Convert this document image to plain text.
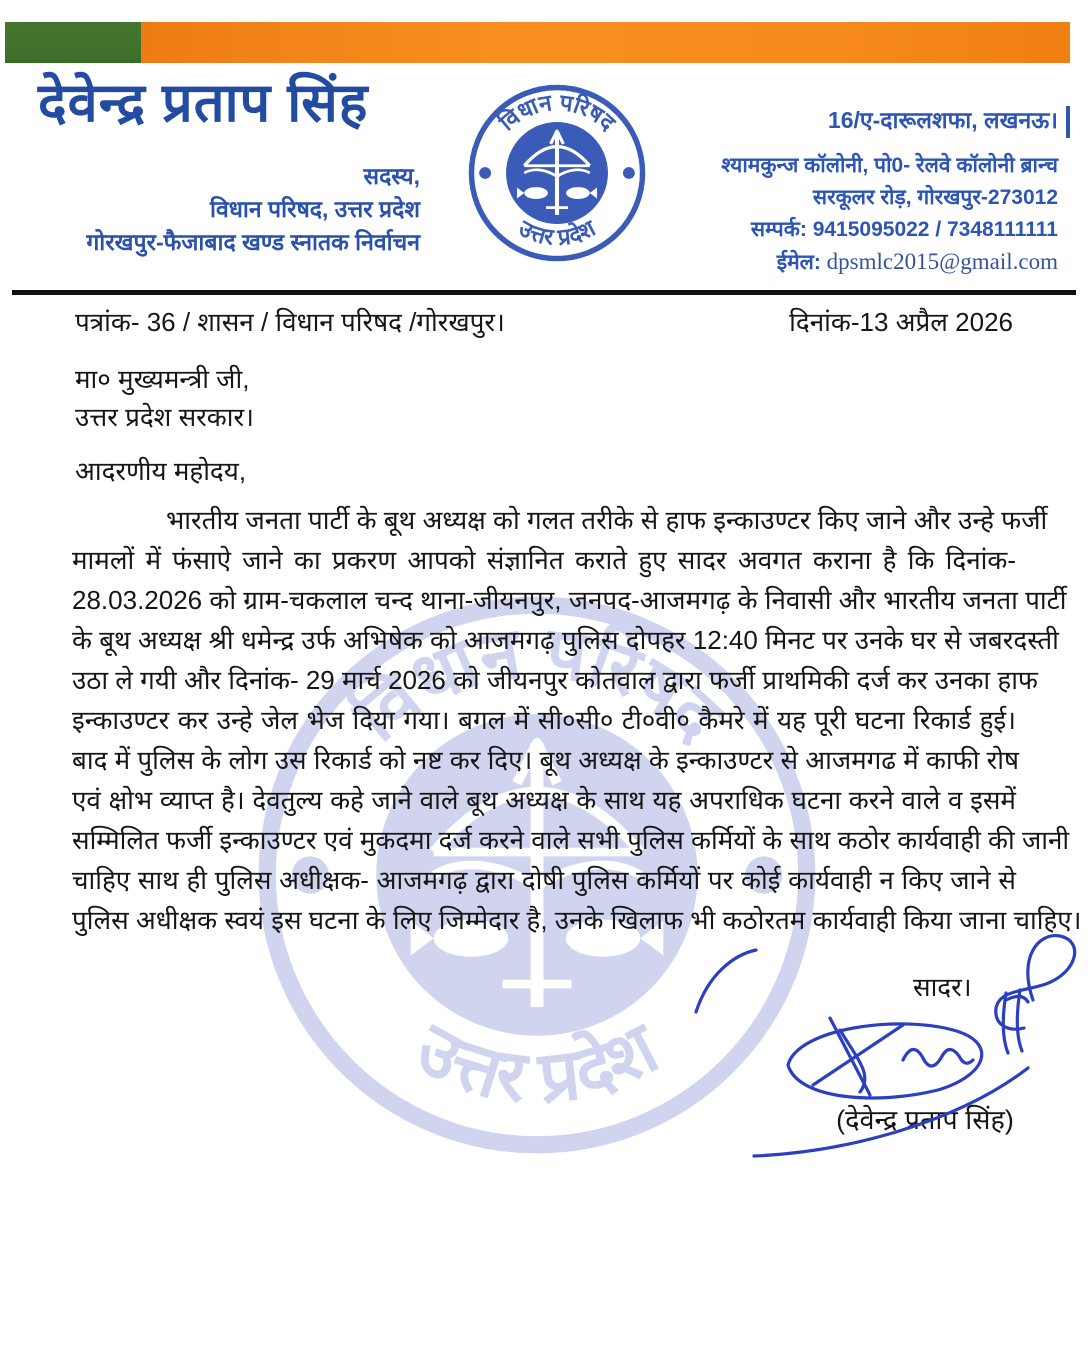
देवेन्द्र प्रताप सिंह
सदस्य,
विधान परिषद, उत्तर प्रदेश
गोरखपुर-फैजाबाद खण्ड स्नातक निर्वाचन
16/ए-दारूलशफा, लखनऊ।
श्यामकुन्ज कॉलोनी, पो0- रेलवे कॉलोनी ब्रान्च
सरकूलर रोड़, गोरखपुर-273012
सम्पर्क: 9415095022 / 7348111111
ईमेल: dpsmlc2015@gmail.com
पत्रांक- 36 / शासन / विधान परिषद /गोरखपुर।	दिनांक-13 अप्रैल 2026
मा० मुख्यमन्त्री जी,
उत्तर प्रदेश सरकार।
आदरणीय महोदय,
भारतीय जनता पार्टी के बूथ अध्यक्ष को गलत तरीके से हाफ इन्काउण्टर किए जाने और उन्हे फर्जी
मामलों में फंसाऐ जाने का प्रकरण आपको संज्ञानित कराते हुए सादर अवगत कराना है कि दिनांक-
28.03.2026 को ग्राम-चकलाल चन्द थाना-जीयनपुर, जनपद-आजमगढ़ के निवासी और भारतीय जनता पार्टी
के बूथ अध्यक्ष श्री धमेन्द्र उर्फ अभिषेक को आजमगढ़ पुलिस दोपहर 12:40 मिनट पर उनके घर से जबरदस्ती
उठा ले गयी और दिनांक- 29 मार्च 2026 को जीयनपुर कोतवाल द्वारा फर्जी प्राथमिकी दर्ज कर उनका हाफ
इन्काउण्टर कर उन्हे जेल भेज दिया गया। बगल में सी०सी० टी०वी० कैमरे में यह पूरी घटना रिकार्ड हुई।
बाद में पुलिस के लोग उस रिकार्ड को नष्ट कर दिए। बूथ अध्यक्ष के इन्काउण्टर से आजमगढ में काफी रोष
एवं क्षोभ व्याप्त है। देवतुल्य कहे जाने वाले बूथ अध्यक्ष के साथ यह अपराधिक घटना करने वाले व इसमें
सम्मिलित फर्जी इन्काउण्टर एवं मुकदमा दर्ज करने वाले सभी पुलिस कर्मियों के साथ कठोर कार्यवाही की जानी
चाहिए साथ ही पुलिस अधीक्षक- आजमगढ़ द्वारा दोषी पुलिस कर्मियों पर कोई कार्यवाही न किए जाने से
पुलिस अधीक्षक स्वयं इस घटना के लिए जिम्मेदार है, उनके खिलाफ भी कठोरतम कार्यवाही किया जाना चाहिए।
सादर।
(देवेन्द्र प्रताप सिंह)
